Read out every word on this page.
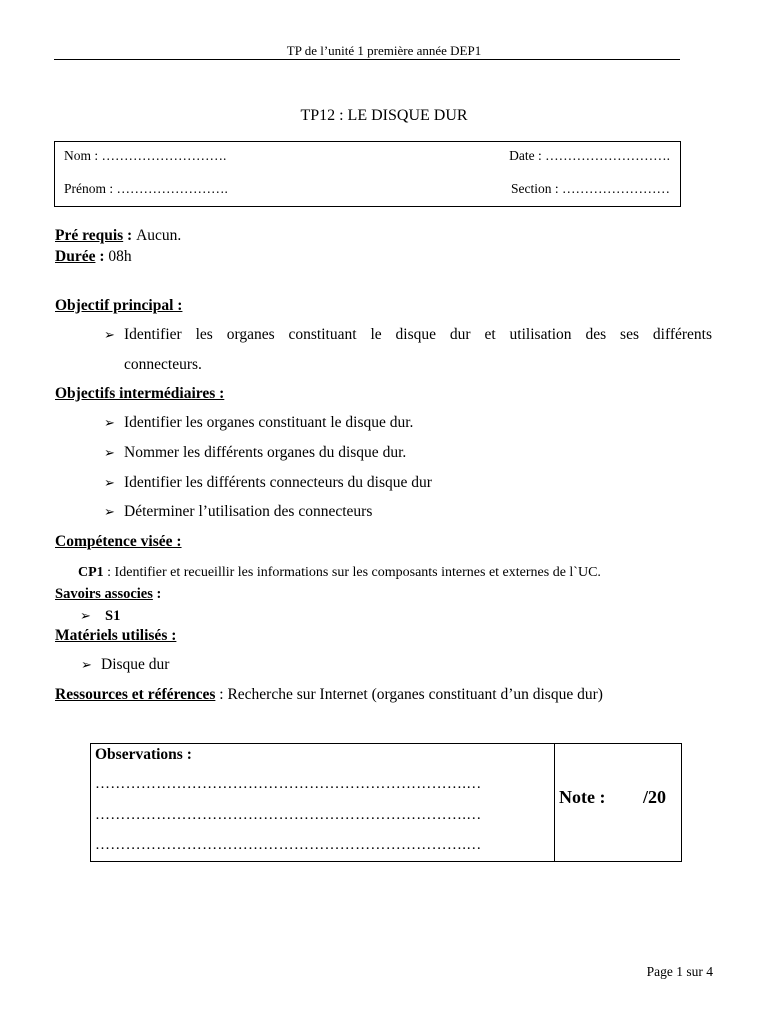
TP de l’unité 1 première année DEP1
TP12 : LE DISQUE DUR
Nom : ……………………….	Date : ……………………….
Prénom : …………………….	Section : ……………………
Pré requis : Aucun.
Durée : 08h
Objectif principal :
➢ Identifier les organes constituant le disque dur et utilisation des ses différents
connecteurs.
Objectifs intermédiaires :
➢ Identifier les organes constituant le disque dur.
➢ Nommer les différents organes du disque dur.
➢ Identifier les différents connecteurs du disque dur
➢ Déterminer l’utilisation des connecteurs
Compétence visée :
CP1 : Identifier et recueillir les informations sur les composants internes et externes de l`UC.
Savoirs associes :
➢ S1
Matériels utilisés :
➢ Disque dur
Ressources et références : Recherche sur Internet (organes constituant d’un disque dur)
Observations :
……………………………………………………………….…
……………………………………………………………….…
……………………………………………………………….…
Note : /20
Page 1 sur 4
